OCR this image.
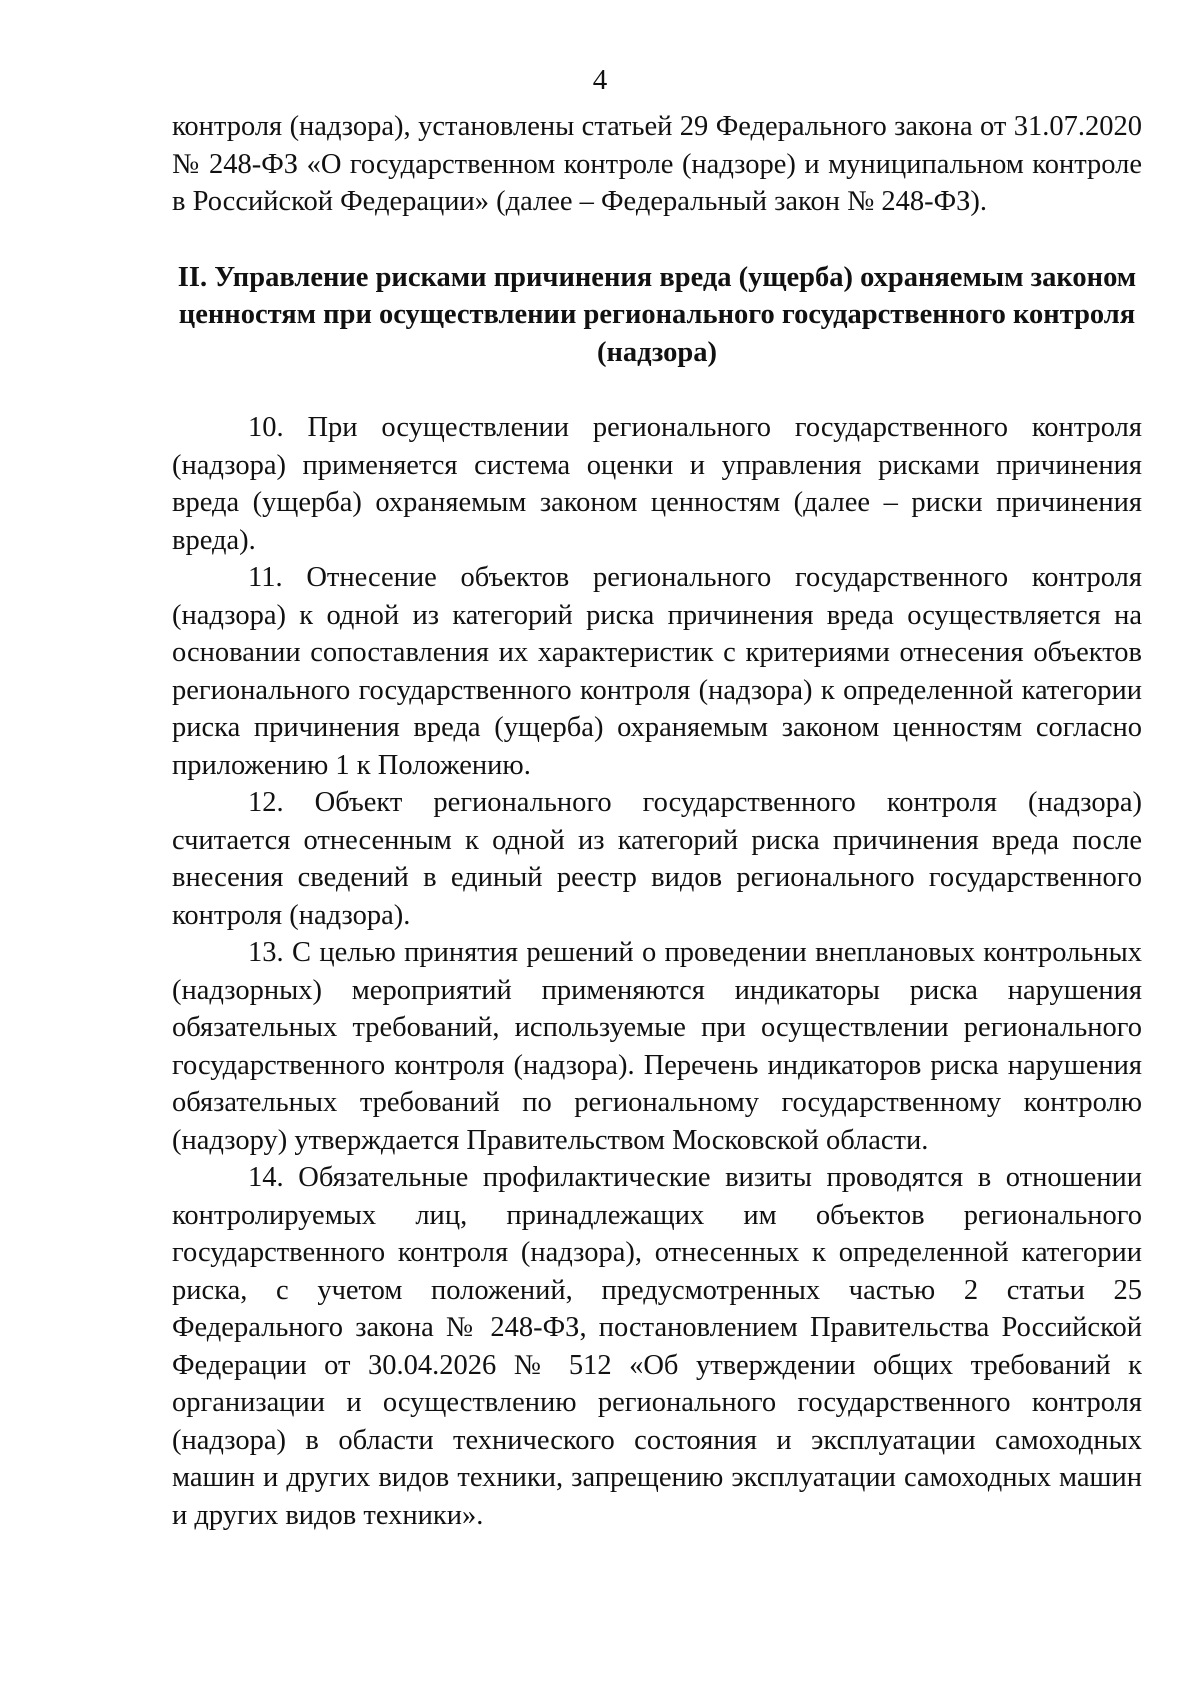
4

контроля (надзора), установлены статьей 29 Федерального закона от 31.07.2020 № 248-ФЗ «О государственном контроле (надзоре) и муниципальном контроле в Российской Федерации» (далее – Федеральный закон № 248-ФЗ).

II. Управление рисками причинения вреда (ущерба) охраняемым законом
ценностям при осуществлении регионального государственного контроля
(надзора)

10. При осуществлении регионального государственного контроля (надзора) применяется система оценки и управления рисками причинения вреда (ущерба) охраняемым законом ценностям (далее – риски причинения вреда).

11. Отнесение объектов регионального государственного контроля (надзора) к одной из категорий риска причинения вреда осуществляется на основании сопоставления их характеристик с критериями отнесения объектов регионального государственного контроля (надзора) к определенной категории риска причинения вреда (ущерба) охраняемым законом ценностям согласно приложению 1 к Положению.

12. Объект регионального государственного контроля (надзора) считается отнесенным к одной из категорий риска причинения вреда после внесения сведений в единый реестр видов регионального государственного контроля (надзора).

13. С целью принятия решений о проведении внеплановых контрольных (надзорных) мероприятий применяются индикаторы риска нарушения обязательных требований, используемые при осуществлении регионального государственного контроля (надзора). Перечень индикаторов риска нарушения обязательных требований по региональному государственному контролю (надзору) утверждается Правительством Московской области.

14. Обязательные профилактические визиты проводятся в отношении контролируемых лиц, принадлежащих им объектов регионального государственного контроля (надзора), отнесенных к определенной категории риска, с учетом положений, предусмотренных частью 2 статьи 25 Федерального закона № 248-ФЗ, постановлением Правительства Российской Федерации от 30.04.2026 № 512 «Об утверждении общих требований к организации и осуществлению регионального государственного контроля (надзора) в области технического состояния и эксплуатации самоходных машин и других видов техники, запрещению эксплуатации самоходных машин и других видов техники».
